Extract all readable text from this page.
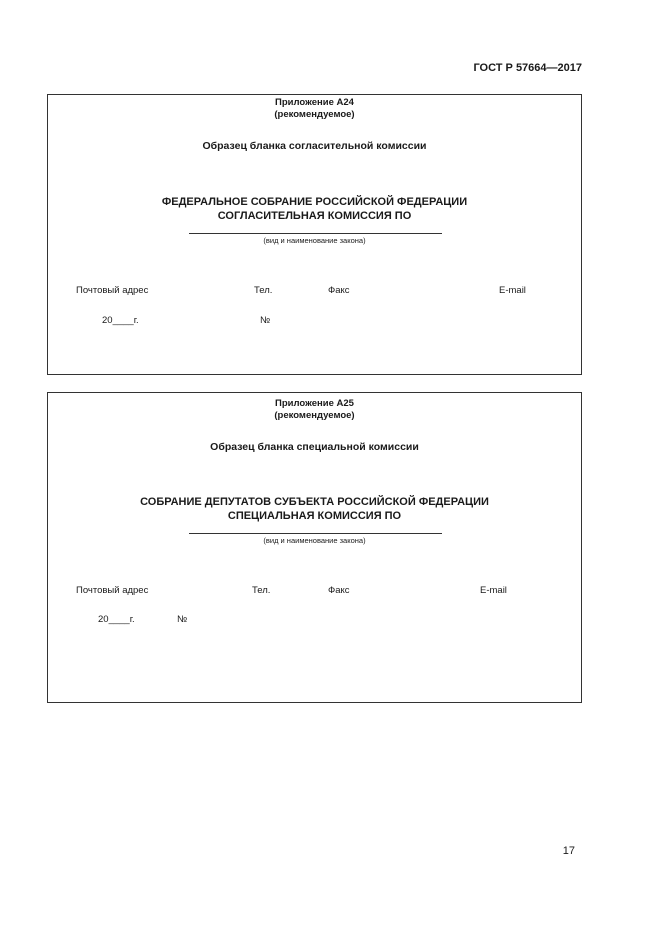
ГОСТ Р 57664—2017
Приложение А24
(рекомендуемое)
Образец бланка согласительной комиссии
ФЕДЕРАЛЬНОЕ СОБРАНИЕ РОССИЙСКОЙ ФЕДЕРАЦИИ
СОГЛАСИТЕЛЬНАЯ КОМИССИЯ ПО
(вид и наименование закона)
Почтовый адрес	Тел.	Факс	E-mail
20____г.	№
Приложение А25
(рекомендуемое)
Образец бланка специальной комиссии
СОБРАНИЕ ДЕПУТАТОВ СУБЪЕКТА РОССИЙСКОЙ ФЕДЕРАЦИИ
СПЕЦИАЛЬНАЯ КОМИССИЯ ПО
(вид и наименование закона)
Почтовый адрес	Тел.	Факс	E-mail
20____г.	№
17
